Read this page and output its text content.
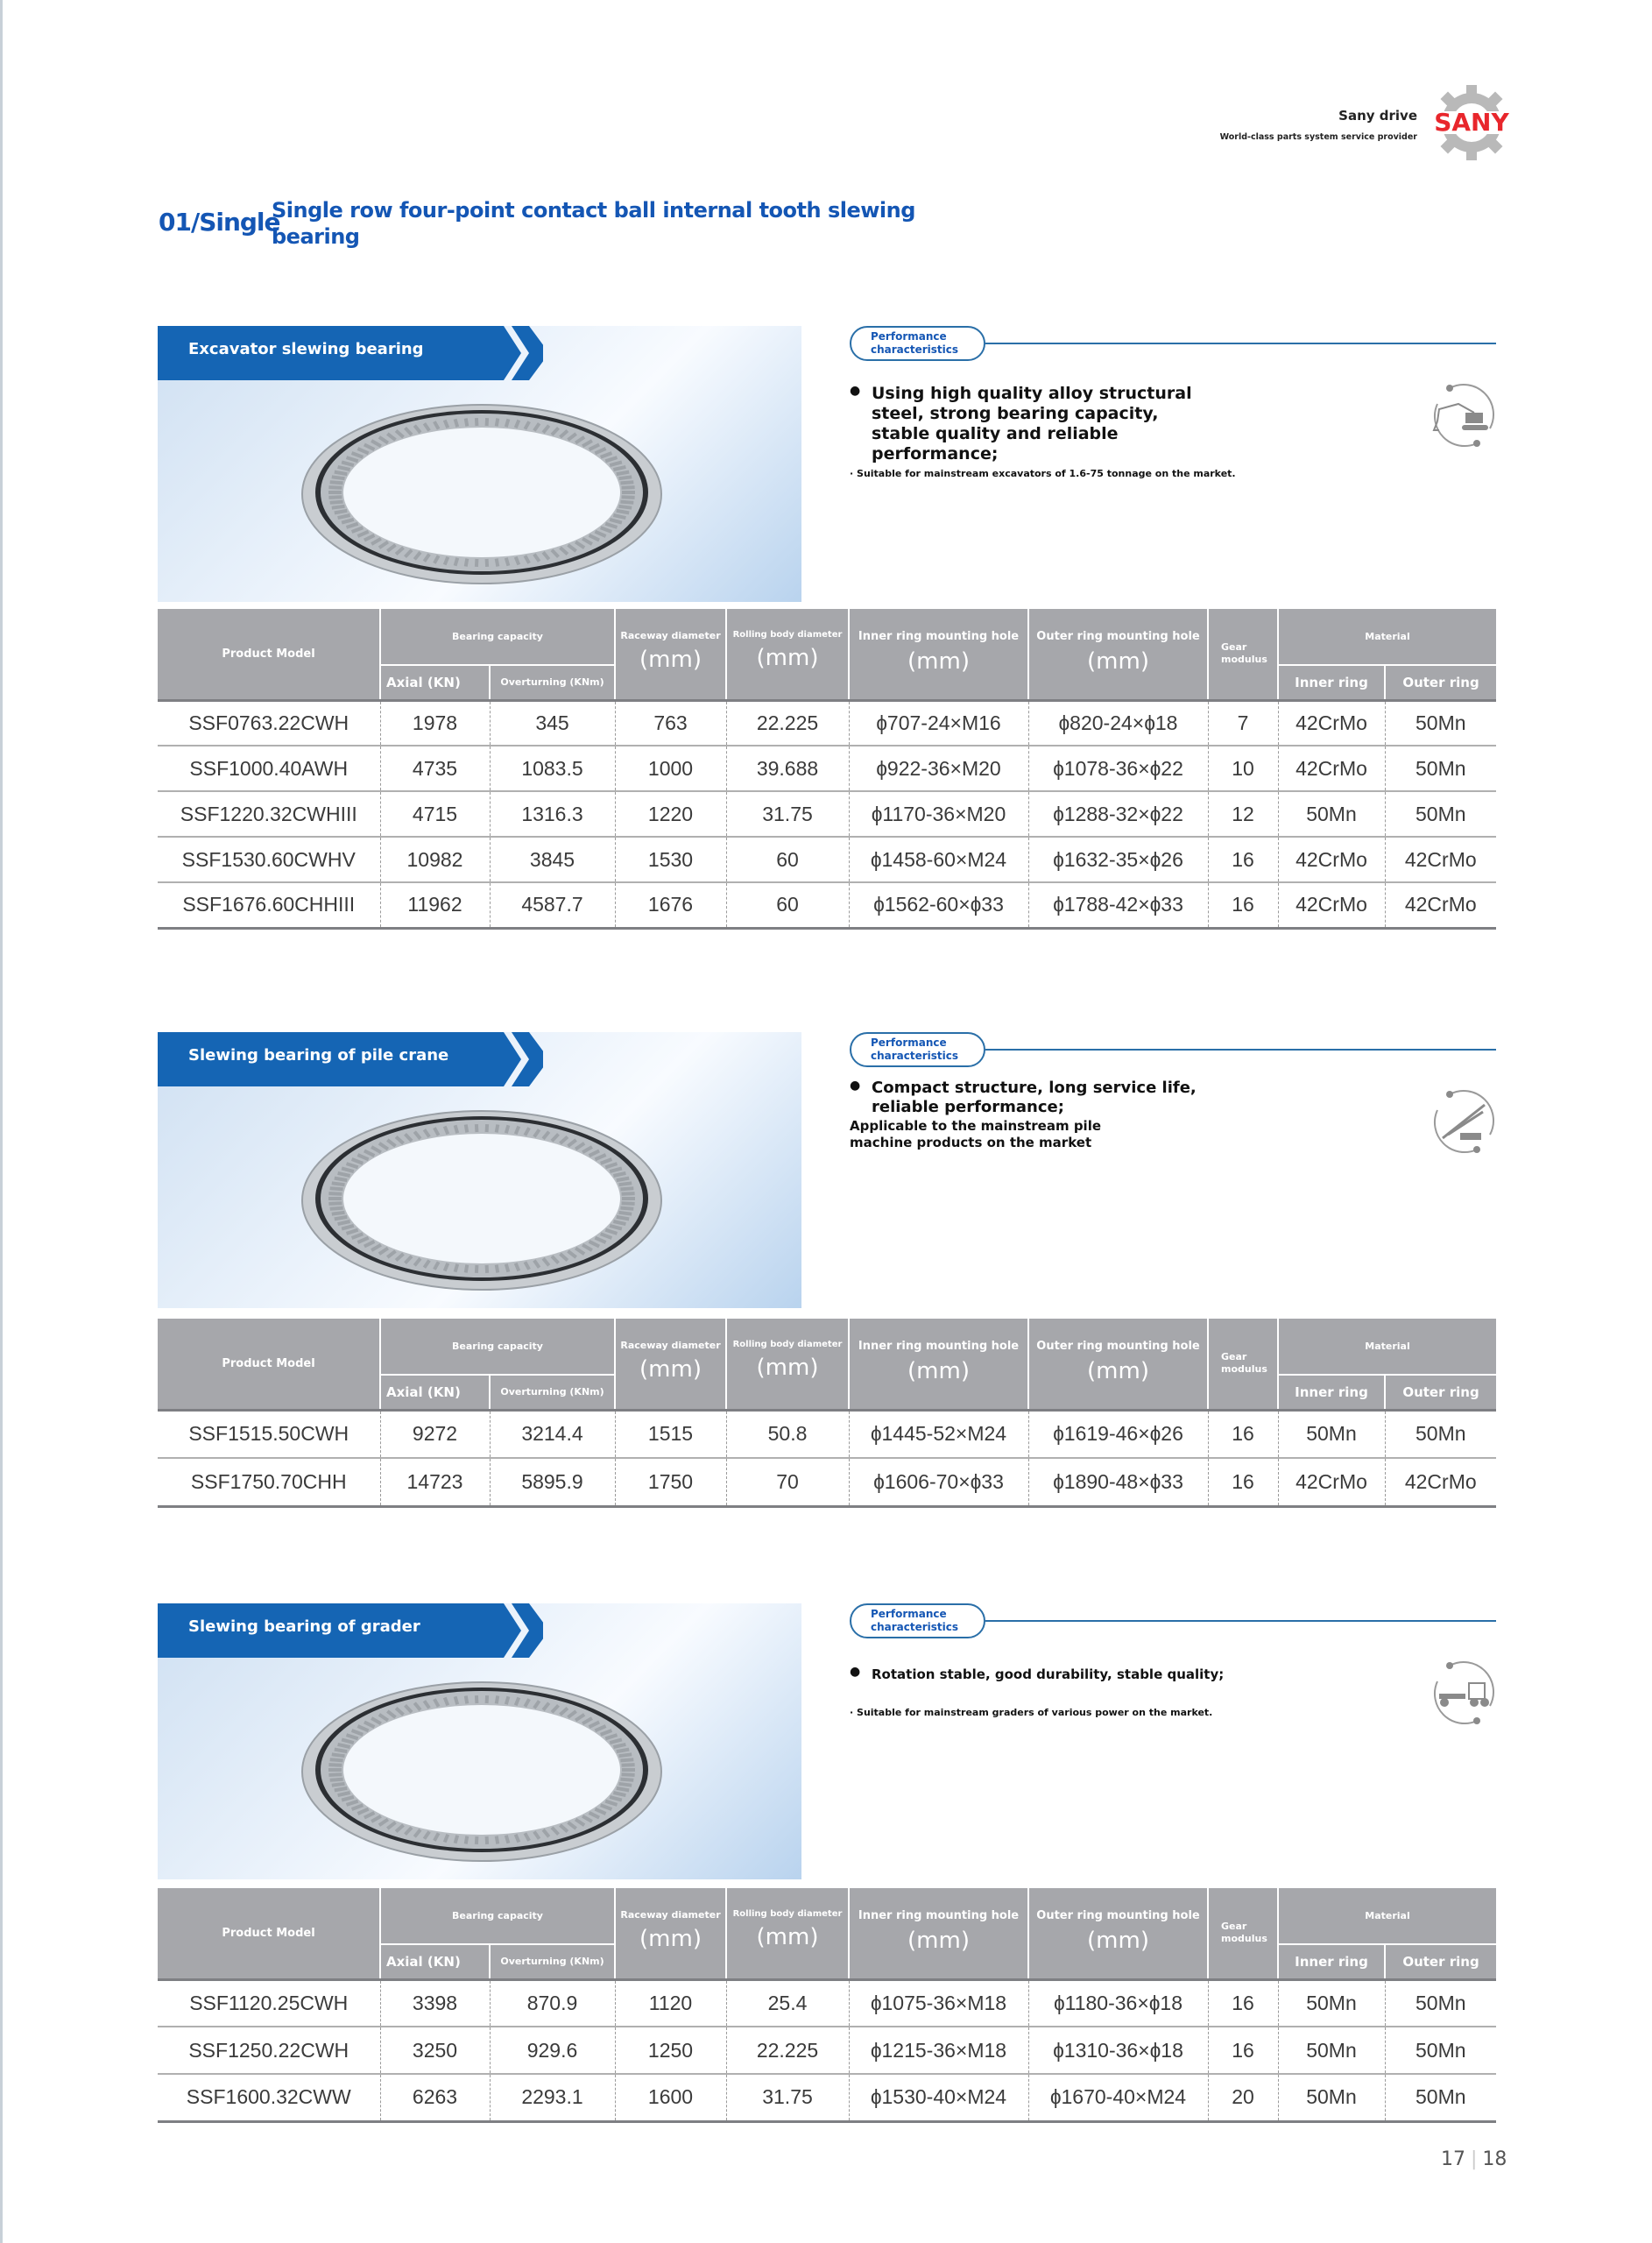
Sany drive
World-class parts system service provider
SANY
01/Single
Single row four-point contact ball internal tooth slewing bearing
Excavator slewing bearing
Performance
characteristics
● Using high quality alloy structural steel, strong bearing capacity, stable quality and reliable performance;
· Suitable for mainstream excavators of 1.6-75 tonnage on the market.
Product Model	Bearing capacity		Raceway diameter
(mm)	Rolling body diameter
(mm)	Inner ring mounting hole
(mm)	Outer ring mounting hole
(mm)	Gear modulus	Material	
	Axial (KN)	Overturning (KNm)						Inner ring	Outer ring
SSF0763.22CWH	1978	345	763	22.225	ɸ707-24×M16	ɸ820-24×ɸ18	7	42CrMo	50Mn
SSF1000.40AWH	4735	1083.5	1000	39.688	ɸ922-36×M20	ɸ1078-36×ɸ22	10	42CrMo	50Mn
SSF1220.32CWHIII	4715	1316.3	1220	31.75	ɸ1170-36×M20	ɸ1288-32×ɸ22	12	50Mn	50Mn
SSF1530.60CWHV	10982	3845	1530	60	ɸ1458-60×M24	ɸ1632-35×ɸ26	16	42CrMo	42CrMo
SSF1676.60CHHIII	11962	4587.7	1676	60	ɸ1562-60×ɸ33	ɸ1788-42×ɸ33	16	42CrMo	42CrMo
Slewing bearing of pile crane
Performance
characteristics
● Compact structure, long service life, reliable performance;
Applicable to the mainstream pile machine products on the market
Product Model	Bearing capacity		Raceway diameter
(mm)	Rolling body diameter
(mm)	Inner ring mounting hole
(mm)	Outer ring mounting hole
(mm)	Gear modulus	Material	
	Axial (KN)	Overturning (KNm)						Inner ring	Outer ring
SSF1515.50CWH	9272	3214.4	1515	50.8	ɸ1445-52×M24	ɸ1619-46×ɸ26	16	50Mn	50Mn
SSF1750.70CHH	14723	5895.9	1750	70	ɸ1606-70×ɸ33	ɸ1890-48×ɸ33	16	42CrMo	42CrMo
Slewing bearing of grader
Performance
characteristics
● Rotation stable, good durability, stable quality;
· Suitable for mainstream graders of various power on the market.
Product Model	Bearing capacity		Raceway diameter
(mm)	Rolling body diameter
(mm)	Inner ring mounting hole
(mm)	Outer ring mounting hole
(mm)	Gear modulus	Material	
	Axial (KN)	Overturning (KNm)						Inner ring	Outer ring
SSF1120.25CWH	3398	870.9	1120	25.4	ɸ1075-36×M18	ɸ1180-36×ɸ18	16	50Mn	50Mn
SSF1250.22CWH	3250	929.6	1250	22.225	ɸ1215-36×M18	ɸ1310-36×ɸ18	16	50Mn	50Mn
SSF1600.32CWW	6263	2293.1	1600	31.75	ɸ1530-40×M24	ɸ1670-40×M24	20	50Mn	50Mn
17 | 18
